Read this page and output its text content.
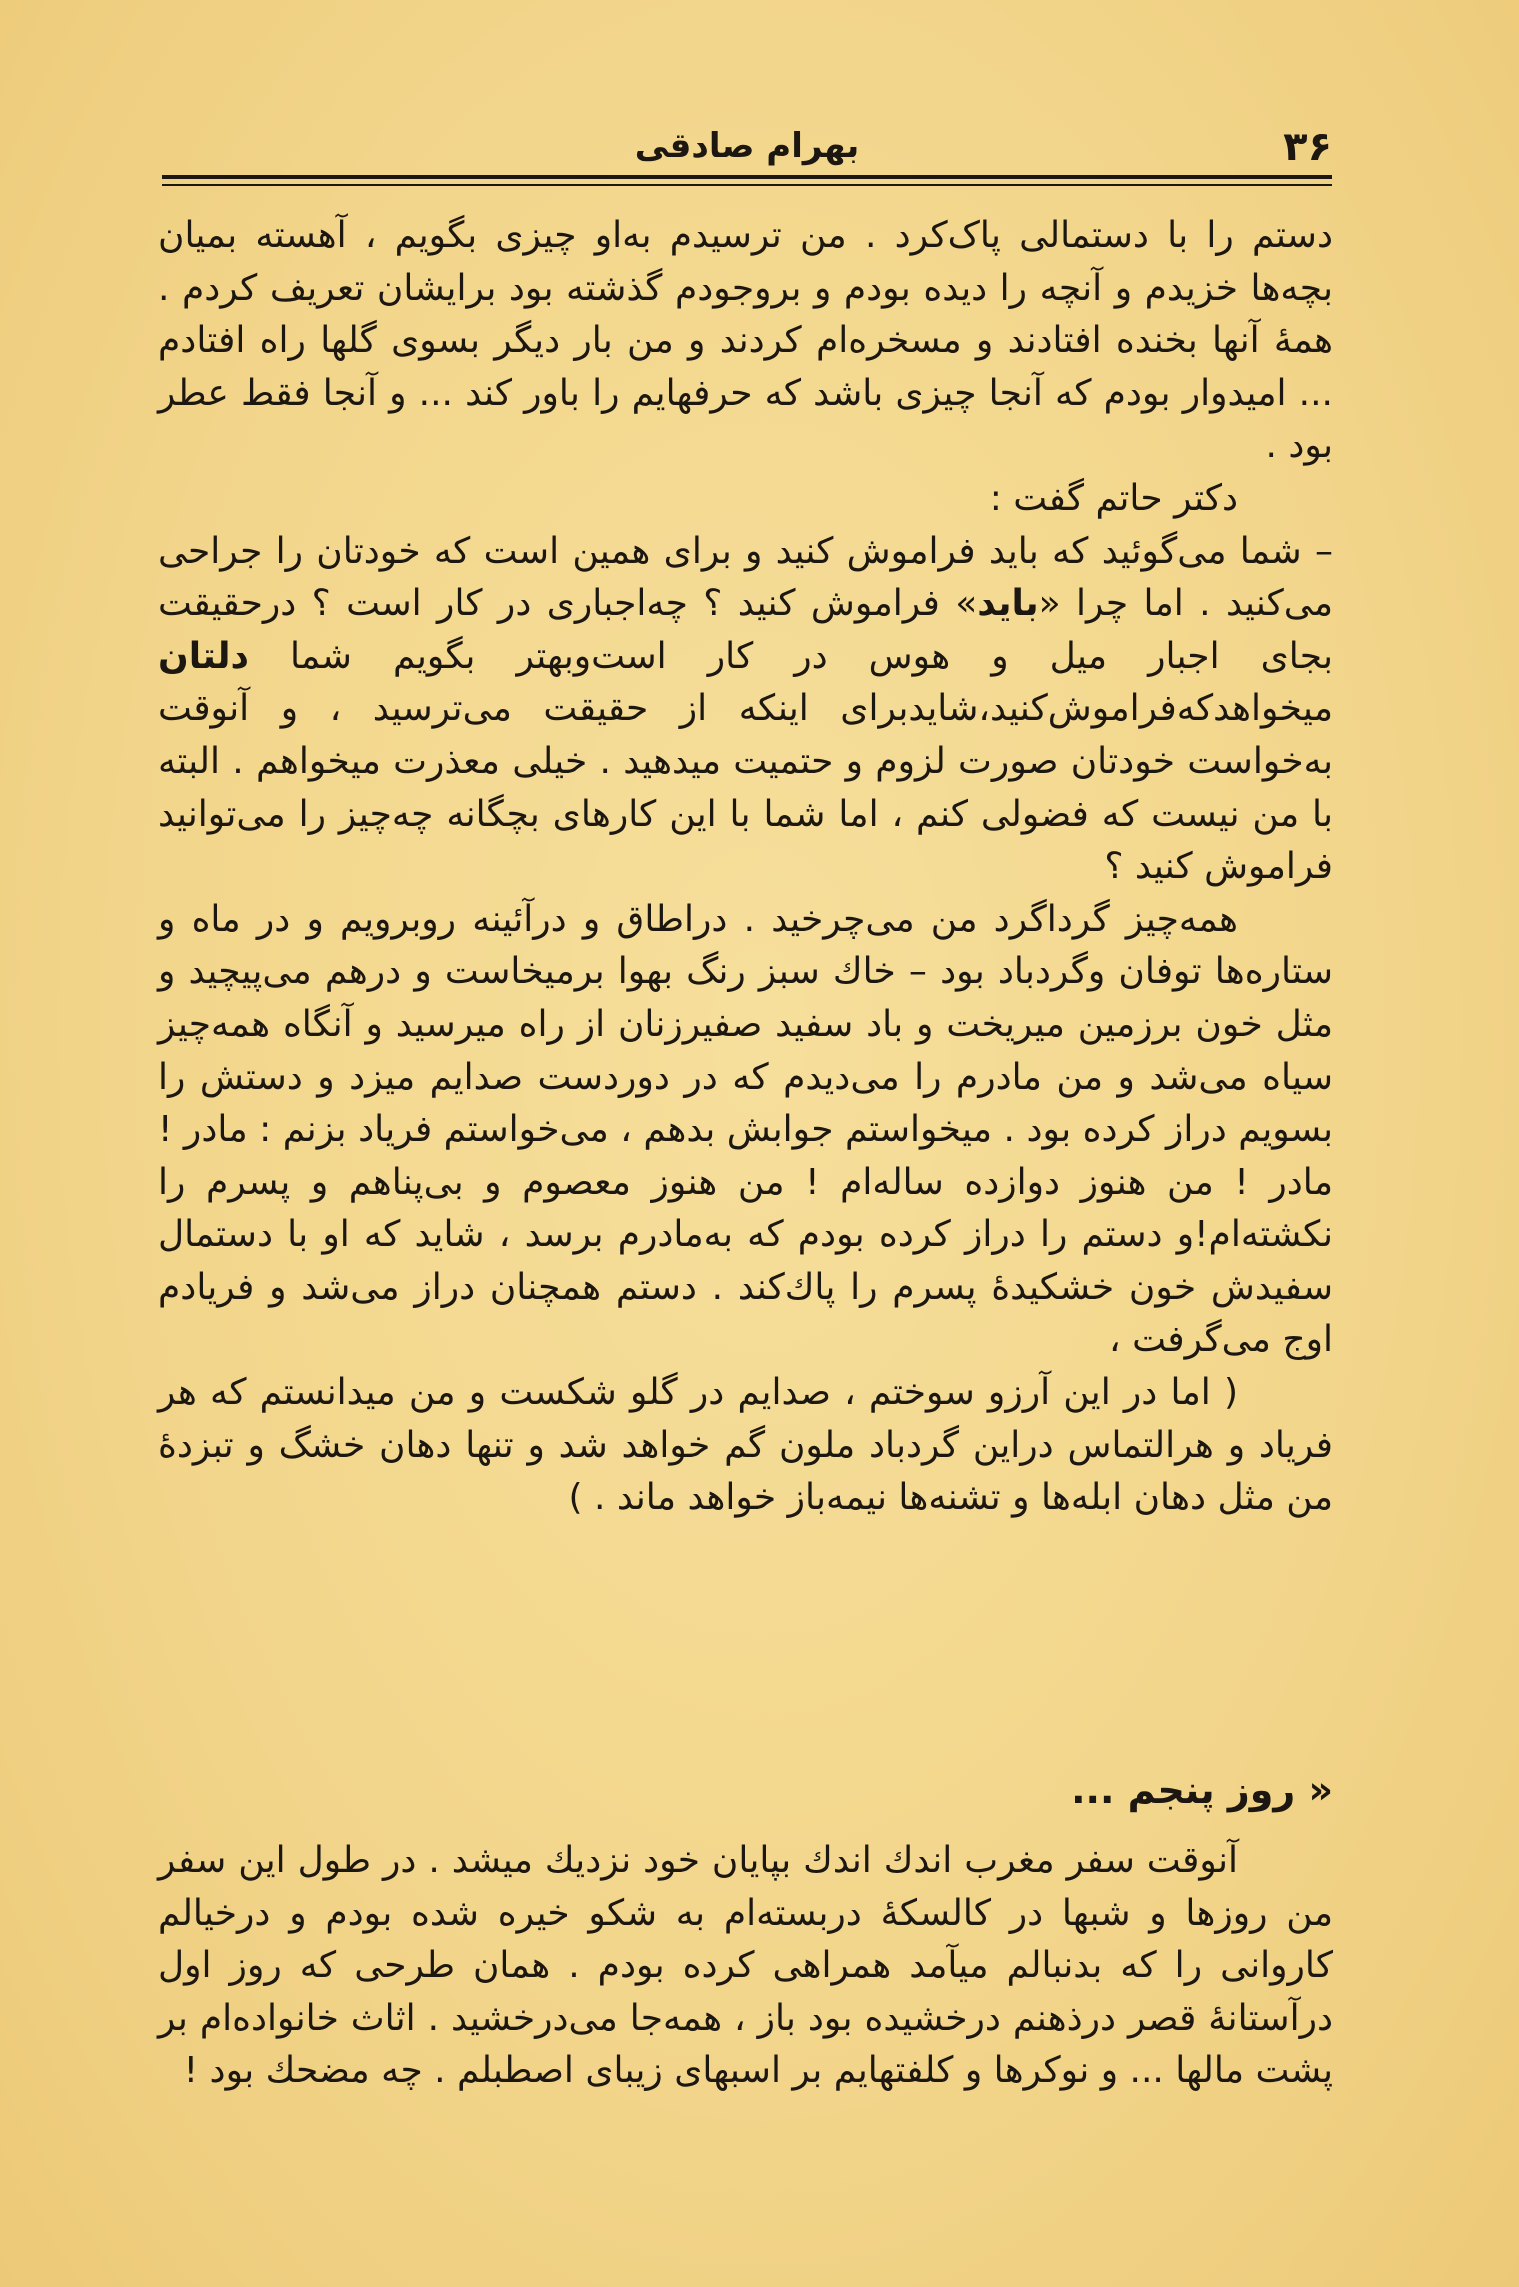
۳۶
بهرام صادقی

دستم را با دستمالی پاک‌کرد . من ترسیدم به‌او چیزی بگویم ، آهسته بمیان بچه‌ها خزیدم و آنچه را دیده بودم و بروجودم گذشته بود برایشان تعریف کردم . همهٔ آنها بخنده افتادند و مسخره‌ام کردند و من بار دیگر بسوی گلها راه افتادم ... امیدوار بودم که آنجا چیزی باشد که حرفهایم را باور کند ... و آنجا فقط عطر بود .

دکتر حاتم گفت :

– شما می‌گوئید که باید فراموش کنید و برای همین است که خودتان را جراحی می‌کنید . اما چرا «باید» فراموش کنید ؟ چه‌اجباری در کار است ؟ درحقیقت بجای اجبار میل و هوس در کار است‌وبهتر بگویم شما دلتان میخواهدکه‌فراموش‌کنید،شایدبرای اینکه از حقیقت می‌ترسید ، و آنوقت به‌خواست خودتان صورت لزوم و حتمیت میدهید . خیلی معذرت میخواهم . البته با من نیست که فضولی کنم ، اما شما با این کارهای بچگانه چه‌چیز را می‌توانید فراموش کنید ؟

همه‌چیز گرداگرد من می‌چرخید . دراطاق و درآئینه روبرویم و در ماه و ستاره‌ها توفان وگردباد بود – خاك سبز رنگ بهوا برمیخاست و درهم می‌پیچید و مثل خون برزمین میریخت و باد سفید صفیرزنان از راه میرسید و آنگاه همه‌چیز سیاه می‌شد و من مادرم را می‌دیدم که در دوردست صدایم میزد و دستش را بسویم دراز کرده بود . میخواستم جوابش بدهم ، می‌خواستم فریاد بزنم : مادر ! مادر ! من هنوز دوازده ساله‌ام ! من هنوز معصوم و بی‌پناهم و پسرم را نکشته‌ام!و دستم را دراز کرده بودم که به‌مادرم برسد ، شاید که او با دستمال سفیدش خون خشکیدهٔ پسرم را پاك‌کند . دستم همچنان دراز می‌شد و فریادم اوج می‌گرفت ،

( اما در این آرزو سوختم ، صدایم در گلو شکست و من میدانستم که هر فریاد و هرالتماس دراین گردباد ملون گم خواهد شد و تنها دهان خشگ و تبزدهٔ من مثل دهان ابله‌ها و تشنه‌ها نیمه‌باز خواهد ماند . )

« روز پنجم ...

آنوقت سفر مغرب اندك اندك بپایان خود نزدیك میشد . در طول این سفر من روزها و شبها در کالسکهٔ دربسته‌ام به شکو خیره شده بودم و درخیالم کاروانی را که بدنبالم میآمد همراهی کرده بودم . همان طرحی که روز اول درآستانهٔ قصر درذهنم درخشیده بود باز ، همه‌جا می‌درخشید . اثاث خانواده‌ام بر پشت مالها ... و نوکرها و کلفتهایم بر اسبهای زیبای اصطبلم . چه مضحك بود !
